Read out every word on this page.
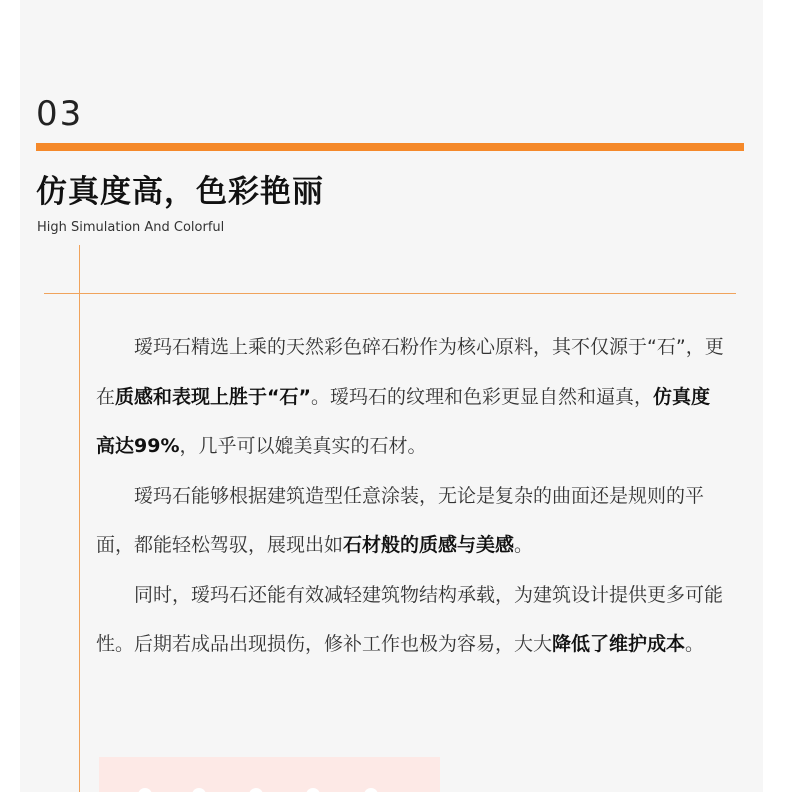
03
仿真度高，色彩艳丽
High Simulation And Colorful

瑷玛石精选上乘的天然彩色碎石粉作为核心原料，其不仅源于“石”，更在质感和表现上胜于“石”。瑷玛石的纹理和色彩更显自然和逼真，仿真度高达99%，几乎可以媲美真实的石材。

瑷玛石能够根据建筑造型任意涂装，无论是复杂的曲面还是规则的平面，都能轻松驾驭，展现出如石材般的质感与美感。

同时，瑷玛石还能有效减轻建筑物结构承载，为建筑设计提供更多可能性。后期若成品出现损伤，修补工作也极为容易，大大降低了维护成本。
